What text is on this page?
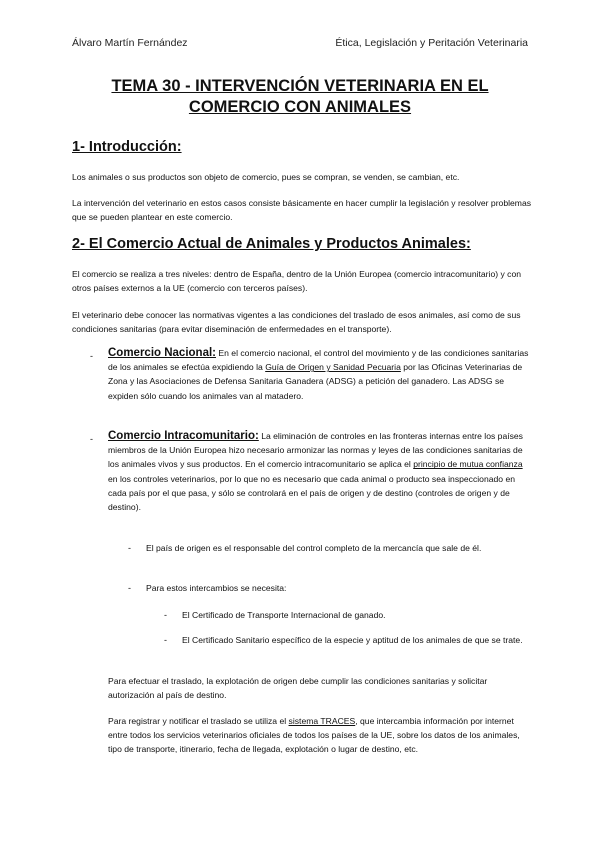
Álvaro Martín Fernández	Ética, Legislación y Peritación Veterinaria
TEMA 30 - INTERVENCIÓN VETERINARIA EN EL
COMERCIO CON ANIMALES
1- Introducción:
Los animales o sus productos son objeto de comercio, pues se compran, se venden, se cambian, etc.
La intervención del veterinario en estos casos consiste básicamente en hacer cumplir la legislación y resolver problemas que se pueden plantear en este comercio.
2- El Comercio Actual de Animales y Productos Animales:
El comercio se realiza a tres niveles: dentro de España, dentro de la Unión Europea (comercio intracomunitario) y con otros países externos a la UE (comercio con terceros países).
El veterinario debe conocer las normativas vigentes a las condiciones del traslado de esos animales, así como de sus condiciones sanitarias (para evitar diseminación de enfermedades en el transporte).
- Comercio Nacional: En el comercio nacional, el control del movimiento y de las condiciones sanitarias de los animales se efectúa expidiendo la Guía de Origen y Sanidad Pecuaria por las Oficinas Veterinarias de Zona y las Asociaciones de Defensa Sanitaria Ganadera (ADSG) a petición del ganadero. Las ADSG se expiden sólo cuando los animales van al matadero.
- Comercio Intracomunitario: La eliminación de controles en las fronteras internas entre los países miembros de la Unión Europea hizo necesario armonizar las normas y leyes de las condiciones sanitarias de los animales vivos y sus productos. En el comercio intracomunitario se aplica el principio de mutua confianza en los controles veterinarios, por lo que no es necesario que cada animal o producto sea inspeccionado en cada país por el que pasa, y sólo se controlará en el país de origen y de destino (controles de origen y de destino).
- El país de origen es el responsable del control completo de la mercancía que sale de él.
- Para estos intercambios se necesita:
- El Certificado de Transporte Internacional de ganado.
- El Certificado Sanitario específico de la especie y aptitud de los animales de que se trate.
Para efectuar el traslado, la explotación de origen debe cumplir las condiciones sanitarias y solicitar autorización al país de destino.
Para registrar y notificar el traslado se utiliza el sistema TRACES, que intercambia información por internet entre todos los servicios veterinarios oficiales de todos los países de la UE, sobre los datos de los animales, tipo de transporte, itinerario, fecha de llegada, explotación o lugar de destino, etc.
